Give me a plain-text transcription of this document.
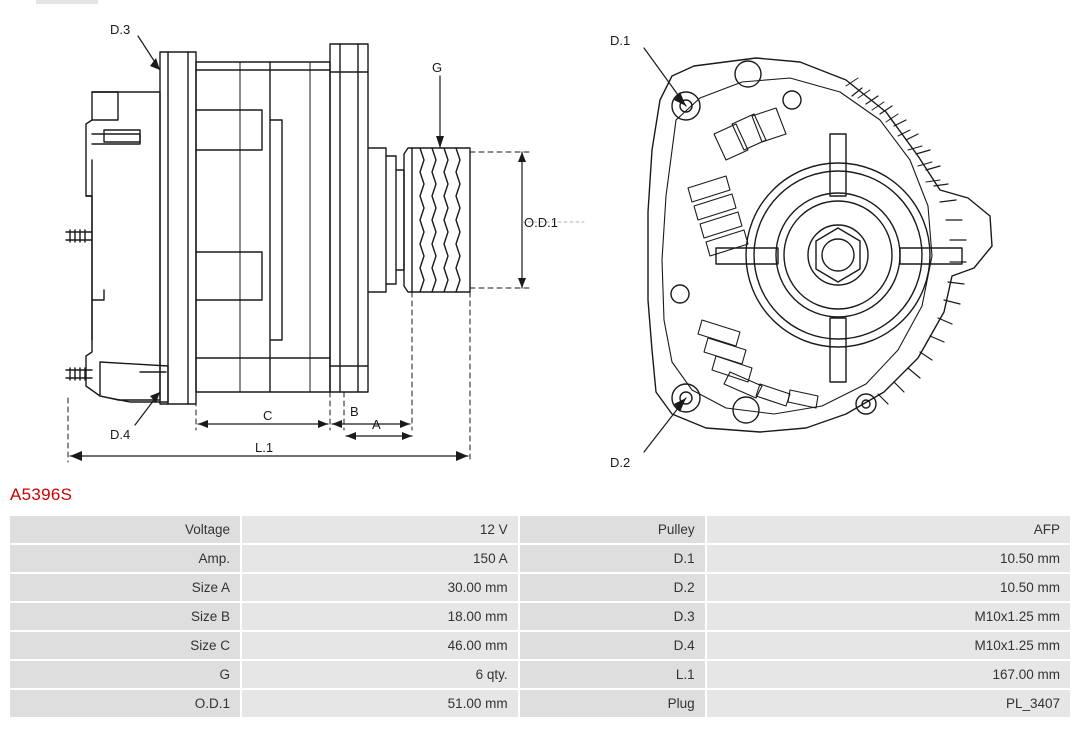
D.3
D.4
G
O.D.1
C	B
A
L.1
D.1
D.2
A5396S
Voltage	12 V	Pulley	AFP
Amp.	150 A	D.1	10.50 mm
Size A	30.00 mm	D.2	10.50 mm
Size B	18.00 mm	D.3	M10x1.25 mm
Size C	46.00 mm	D.4	M10x1.25 mm
G	6 qty.	L.1	167.00 mm
O.D.1	51.00 mm	Plug	PL_3407
